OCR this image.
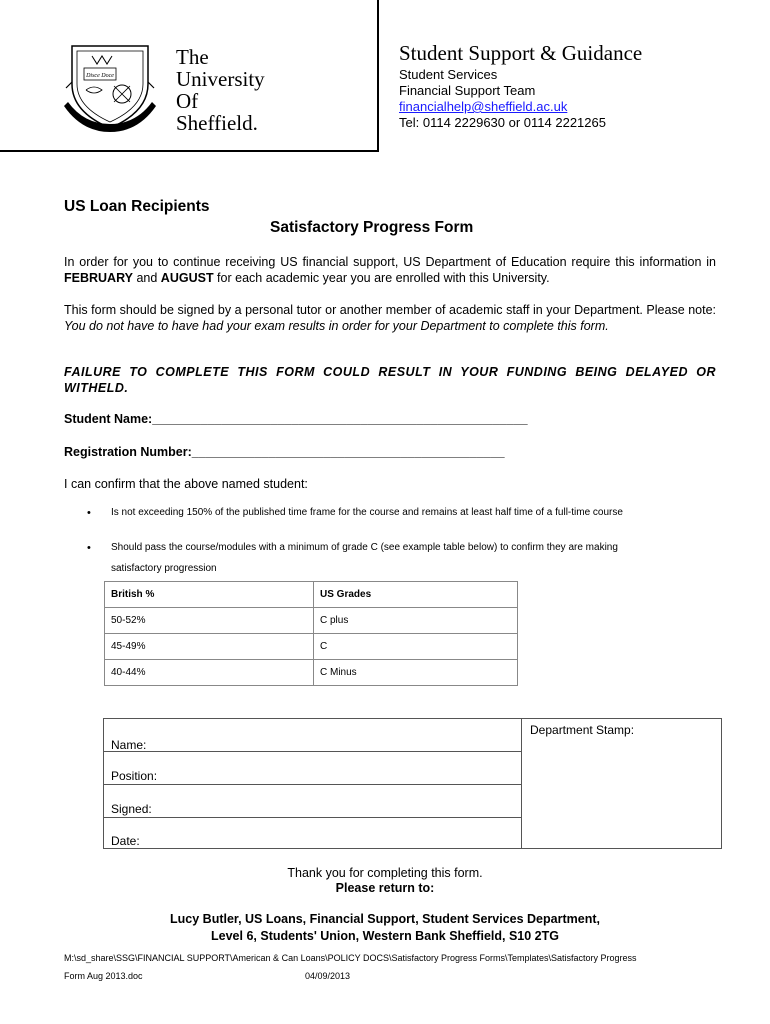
Disce Doce
The
University
Of
Sheffield.
Student Support & Guidance
Student Services
Financial Support Team
financialhelp@sheffield.ac.uk
Tel: 0114 2229630 or 0114 2221265
US Loan Recipients
Satisfactory Progress Form
In order for you to continue receiving US financial support, US Department of Education require this information in FEBRUARY and AUGUST for each academic year you are enrolled with this University.
This form should be signed by a personal tutor or another member of academic staff in your Department. Please note: You do not have to have had your exam results in order for your Department to complete this form.
FAILURE TO COMPLETE THIS FORM COULD RESULT IN YOUR FUNDING BEING DELAYED OR WITHELD.
Student Name:______________________________________________________
Registration Number:_____________________________________________
I can confirm that the above named student:
• Is not exceeding 150% of the published time frame for the course and remains at least half time of a full-time course
• Should pass the course/modules with a minimum of grade C (see example table below) to confirm they are making
satisfactory progression
British %	US Grades
50-52%	C plus
45-49%	C
40-44%	C Minus
Name:
Position:
Signed:
Date:
Department Stamp:
Thank you for completing this form.
Please return to:
Lucy Butler, US Loans, Financial Support, Student Services Department,
Level 6, Students' Union, Western Bank Sheffield, S10 2TG
M:\sd_share\SSG\FINANCIAL SUPPORT\American & Can Loans\POLICY DOCS\Satisfactory Progress Forms\Templates\Satisfactory Progress
Form Aug 2013.doc	04/09/2013
